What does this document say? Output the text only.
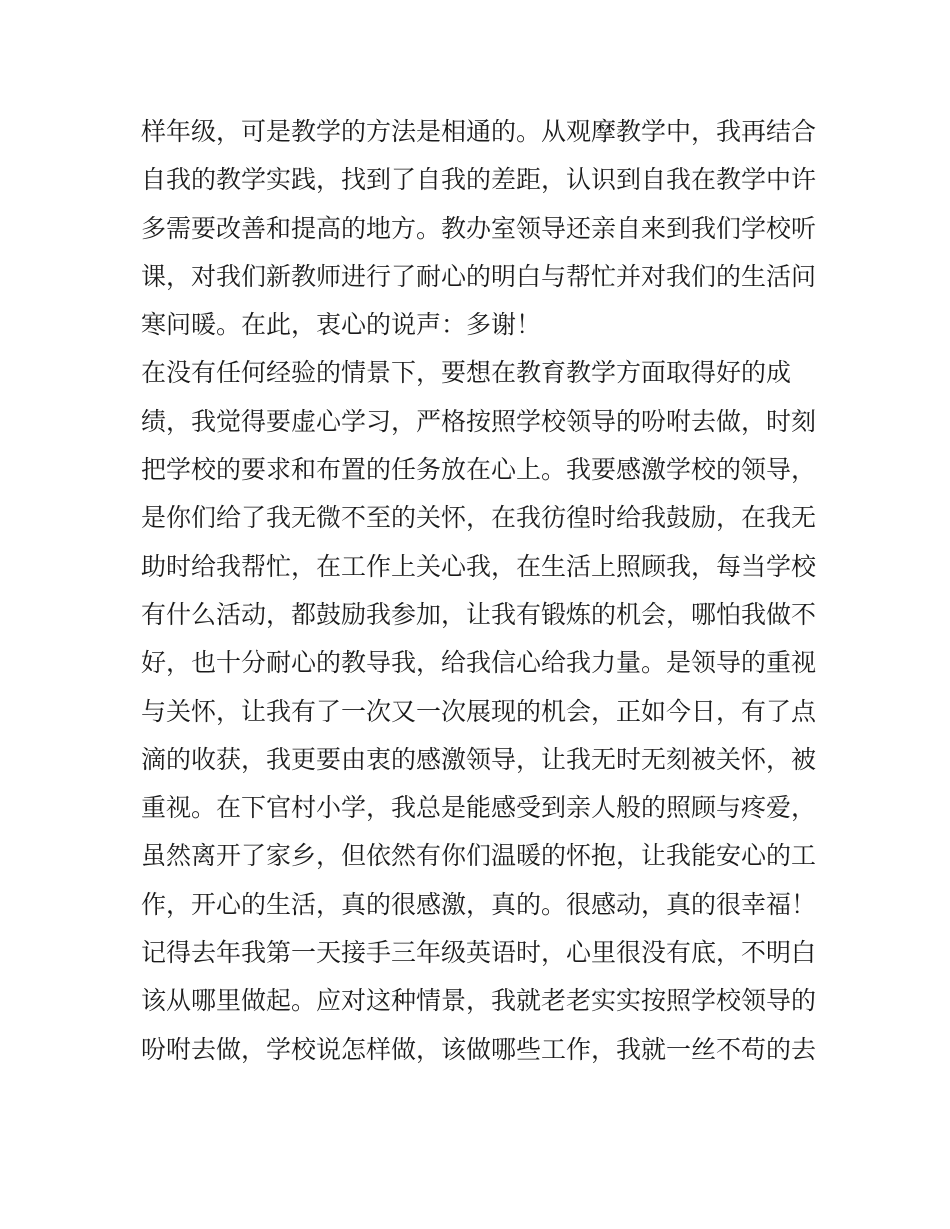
样年级，可是教学的方法是相通的。从观摩教学中，我再结合
自我的教学实践，找到了自我的差距，认识到自我在教学中许
多需要改善和提高的地方。教办室领导还亲自来到我们学校听
课，对我们新教师进行了耐心的明白与帮忙并对我们的生活问
寒问暖。在此，衷心的说声：多谢！
在没有任何经验的情景下，要想在教育教学方面取得好的成
绩，我觉得要虚心学习，严格按照学校领导的吩咐去做，时刻
把学校的要求和布置的任务放在心上。我要感激学校的领导，
是你们给了我无微不至的关怀，在我彷徨时给我鼓励，在我无
助时给我帮忙，在工作上关心我，在生活上照顾我，每当学校
有什么活动，都鼓励我参加，让我有锻炼的机会，哪怕我做不
好，也十分耐心的教导我，给我信心给我力量。是领导的重视
与关怀，让我有了一次又一次展现的机会，正如今日，有了点
滴的收获，我更要由衷的感激领导，让我无时无刻被关怀，被
重视。在下官村小学，我总是能感受到亲人般的照顾与疼爱，
虽然离开了家乡，但依然有你们温暖的怀抱，让我能安心的工
作，开心的生活，真的很感激，真的。很感动，真的很幸福！
记得去年我第一天接手三年级英语时，心里很没有底，不明白
该从哪里做起。应对这种情景，我就老老实实按照学校领导的
吩咐去做，学校说怎样做，该做哪些工作，我就一丝不苟的去
